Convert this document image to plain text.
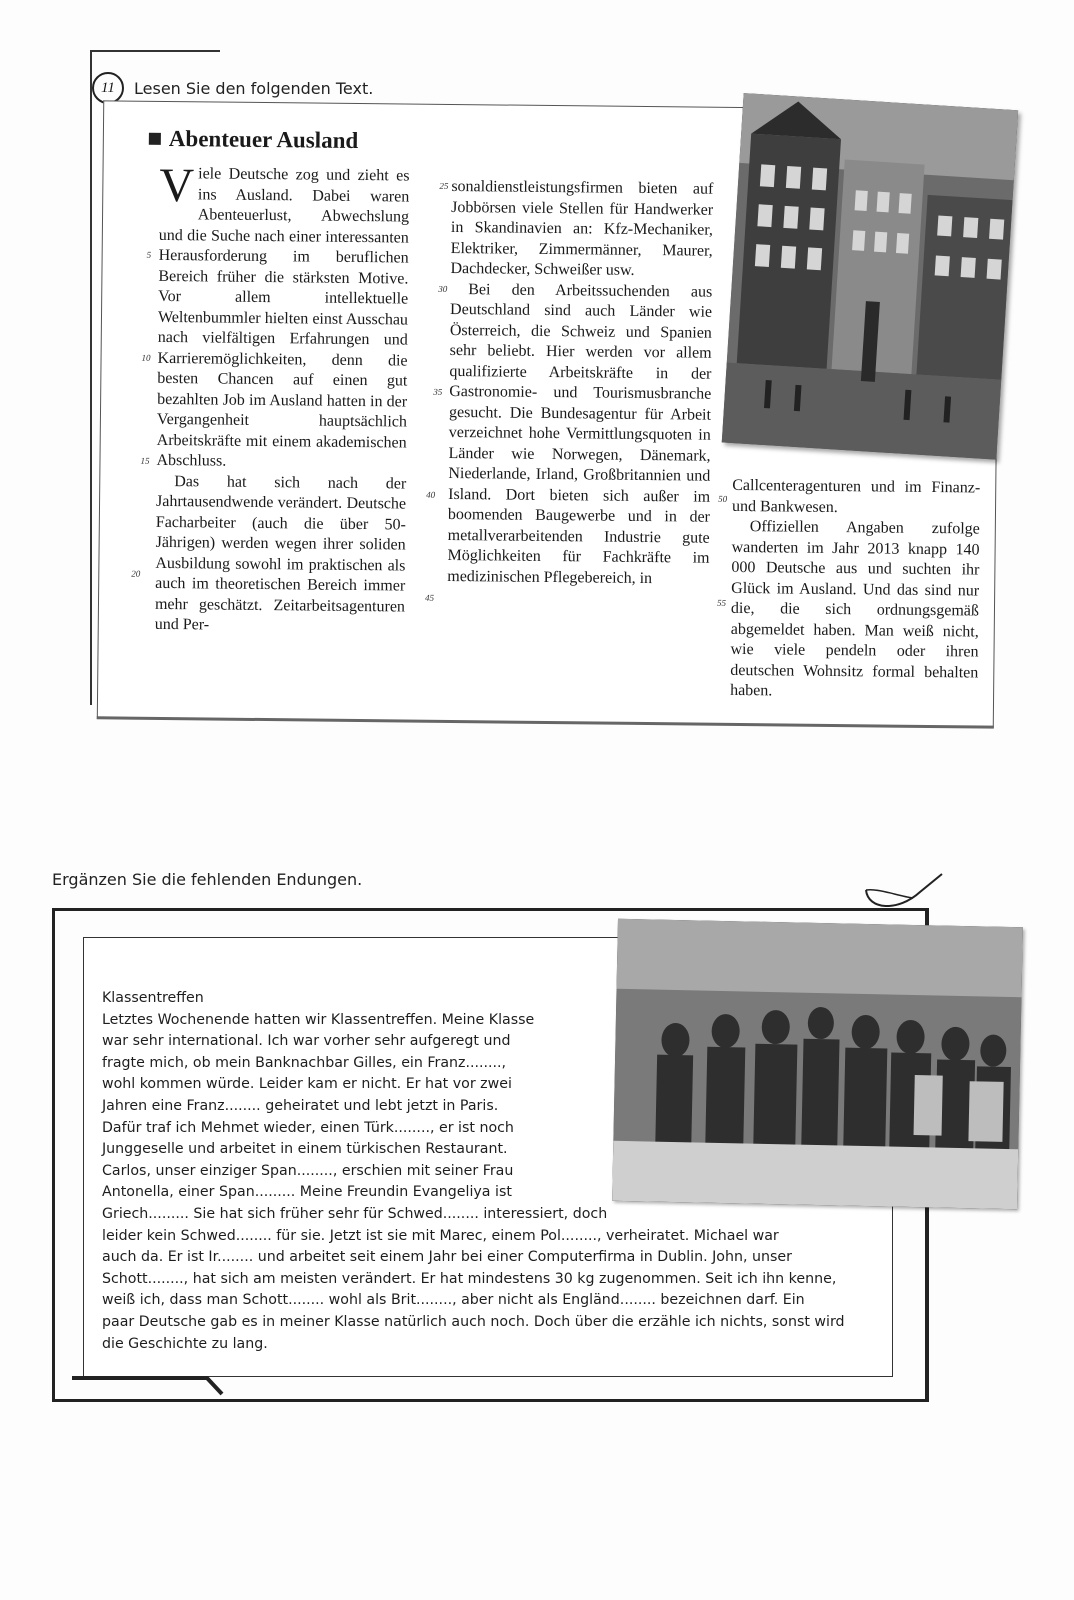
11	Lesen Sie den folgenden Text.
Abenteuer Ausland
V iele Deutsche zog und zieht es ins Ausland. Dabei waren Abenteuerlust, Abwechslung und die Suche nach einer interessanten Herausforderung im beruflichen Bereich früher die stärksten Motive. Vor allem intellektuelle Weltenbummler hielten einst Ausschau nach vielfältigen Erfahrungen und Karrieremöglichkeiten, denn die besten Chancen auf einen gut bezahlten Job im Ausland hatten in der Vergangenheit hauptsächlich Arbeitskräfte mit einem akademischen Abschluss.

Das hat sich nach der Jahrtausendwende verändert. Deutsche Facharbeiter (auch die über 50-Jährigen) werden wegen ihrer soliden Ausbildung sowohl im praktischen als auch im theoretischen Bereich immer mehr geschätzt. Zeitarbeitsagenturen und Per-

sonaldienstleistungsfirmen bieten auf Jobbörsen viele Stellen für Handwerker in Skandinavien an: Kfz-Mechaniker, Elektriker, Zimmermänner, Maurer, Dachdecker, Schweißer usw.

Bei den Arbeitssuchenden aus Deutschland sind auch Länder wie Österreich, die Schweiz und Spanien sehr beliebt. Hier werden vor allem qualifizierte Arbeitskräfte in der Gastronomie- und Tourismusbranche gesucht. Die Bundesagentur für Arbeit verzeichnet hohe Vermittlungsquoten in Länder wie Norwegen, Dänemark, Niederlande, Irland, Großbritannien und Island. Dort bieten sich außer im boomenden Baugewerbe und in der metallverarbeitenden Industrie gute Möglichkeiten für Fachkräfte im medizinischen Pflegebereich, in

Callcenteragenturen und im Finanz- und Bankwesen.

Offiziellen Angaben zufolge wanderten im Jahr 2013 knapp 140 000 Deutsche aus und suchten ihr Glück im Ausland. Und das sind nur die, die sich ordnungsgemäß abgemeldet haben. Man weiß nicht, wie viele pendeln oder ihren deutschen Wohnsitz formal behalten haben.

5
10
15
20
25
30
35
40
45
50
55
Ergänzen Sie die fehlenden Endungen.
Klassentreffen
Letztes Wochenende hatten wir Klassentreffen. Meine Klasse
war sehr international. Ich war vorher sehr aufgeregt und
fragte mich, ob mein Banknachbar Gilles, ein Franz........,
wohl kommen würde. Leider kam er nicht. Er hat vor zwei
Jahren eine Franz........ geheiratet und lebt jetzt in Paris.
Dafür traf ich Mehmet wieder, einen Türk........, er ist noch
Junggeselle und arbeitet in einem türkischen Restaurant.
Carlos, unser einziger Span........, erschien mit seiner Frau
Antonella, einer Span......... Meine Freundin Evangeliya ist
Griech......... Sie hat sich früher sehr für Schwed........ interessiert, doch
leider kein Schwed........ für sie. Jetzt ist sie mit Marec, einem Pol........, verheiratet. Michael war
auch da. Er ist Ir........ und arbeitet seit einem Jahr bei einer Computerfirma in Dublin. John, unser
Schott........, hat sich am meisten verändert. Er hat mindestens 30 kg zugenommen. Seit ich ihn kenne,
weiß ich, dass man Schott........ wohl als Brit........, aber nicht als Engländ........ bezeichnen darf. Ein
paar Deutsche gab es in meiner Klasse natürlich auch noch. Doch über die erzähle ich nichts, sonst wird
die Geschichte zu lang.
